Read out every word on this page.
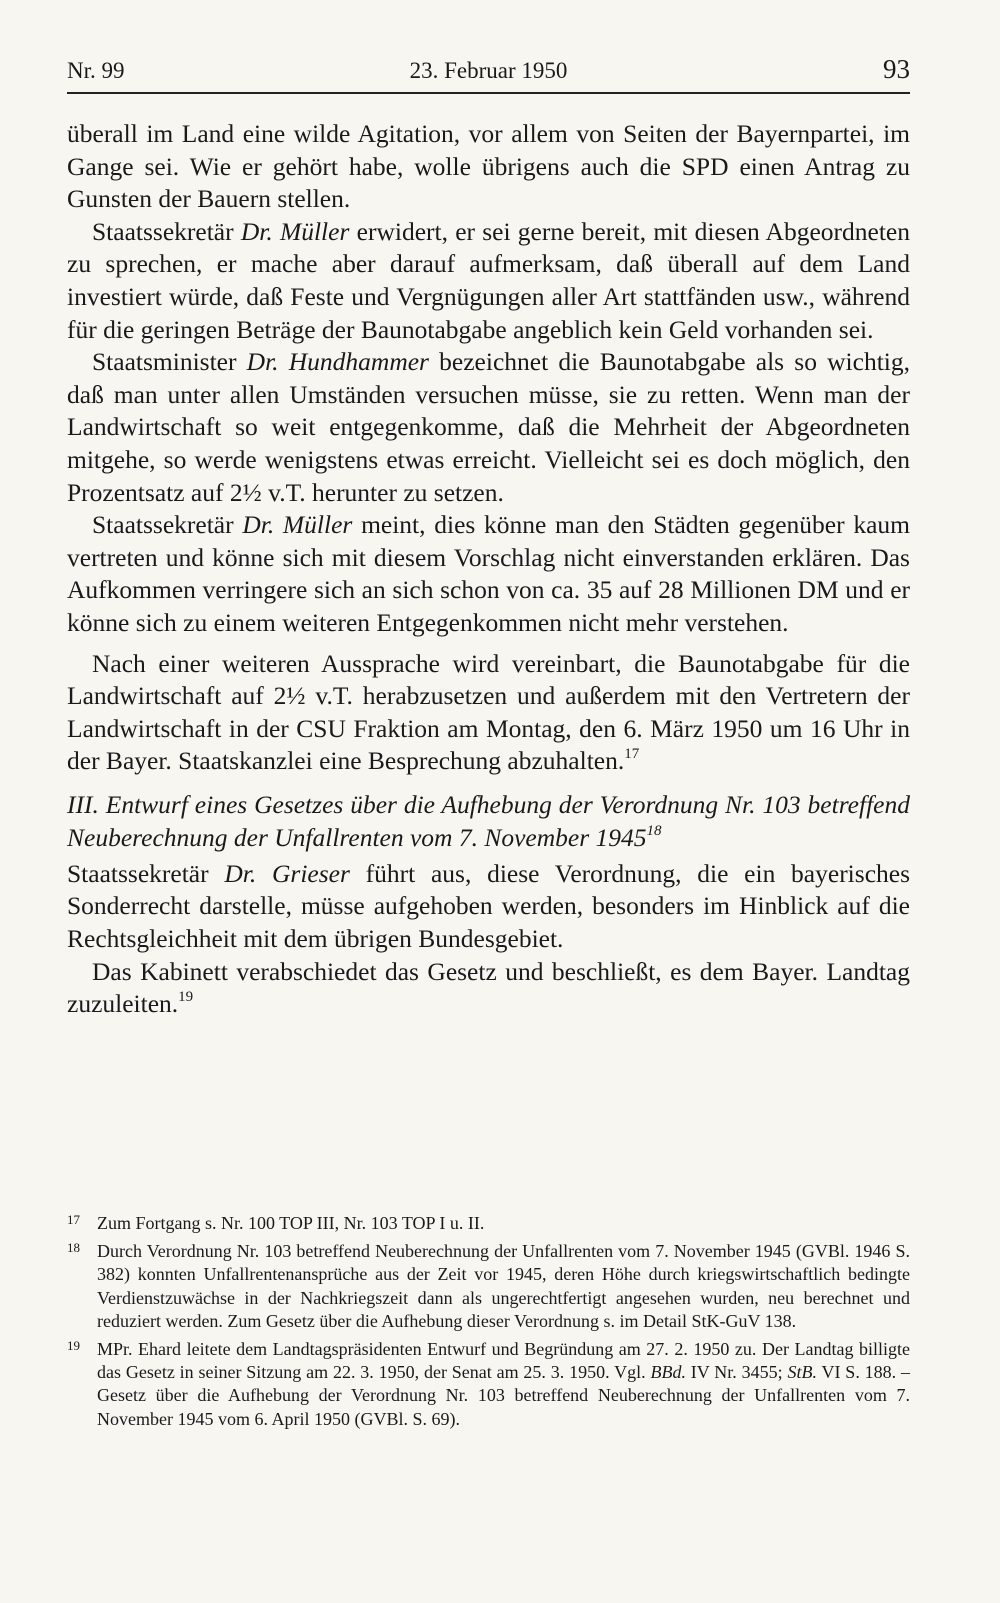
Nr. 99	23. Februar 1950	93

überall im Land eine wilde Agitation, vor allem von Seiten der Bayernpartei, im Gange sei. Wie er gehört habe, wolle übrigens auch die SPD einen Antrag zu Gunsten der Bauern stellen.

Staatssekretär Dr. Müller erwidert, er sei gerne bereit, mit diesen Abgeordneten zu sprechen, er mache aber darauf aufmerksam, daß überall auf dem Land investiert würde, daß Feste und Vergnügungen aller Art stattfänden usw., während für die geringen Beträge der Baunotabgabe angeblich kein Geld vorhanden sei.

Staatsminister Dr. Hundhammer bezeichnet die Baunotabgabe als so wichtig, daß man unter allen Umständen versuchen müsse, sie zu retten. Wenn man der Landwirtschaft so weit entgegenkomme, daß die Mehrheit der Abgeordneten mitgehe, so werde wenigstens etwas erreicht. Vielleicht sei es doch möglich, den Prozentsatz auf 2½ v.T. herunter zu setzen.

Staatssekretär Dr. Müller meint, dies könne man den Städten gegenüber kaum vertreten und könne sich mit diesem Vorschlag nicht einverstanden erklären. Das Aufkommen verringere sich an sich schon von ca. 35 auf 28 Millionen DM und er könne sich zu einem weiteren Entgegenkommen nicht mehr verstehen.

Nach einer weiteren Aussprache wird vereinbart, die Baunotabgabe für die Landwirtschaft auf 2½ v.T. herabzusetzen und außerdem mit den Vertretern der Landwirtschaft in der CSU Fraktion am Montag, den 6. März 1950 um 16 Uhr in der Bayer. Staatskanzlei eine Besprechung abzuhalten.$^{17}$

III. Entwurf eines Gesetzes über die Aufhebung der Verordnung Nr. 103 betreffend Neuberechnung der Unfallrenten vom 7. November 1945$^{18}$

Staatssekretär Dr. Grieser führt aus, diese Verordnung, die ein bayerisches Sonderrecht darstelle, müsse aufgehoben werden, besonders im Hinblick auf die Rechtsgleichheit mit dem übrigen Bundesgebiet.

Das Kabinett verabschiedet das Gesetz und beschließt, es dem Bayer. Landtag zuzuleiten.$^{19}$

17 Zum Fortgang s. Nr. 100 TOP III, Nr. 103 TOP I u. II.

18 Durch Verordnung Nr. 103 betreffend Neuberechnung der Unfallrenten vom 7. November 1945 (GVBl. 1946 S. 382) konnten Unfallrentenansprüche aus der Zeit vor 1945, deren Höhe durch kriegswirtschaftlich bedingte Verdienstzuwächse in der Nachkriegszeit dann als ungerechtfertigt angesehen wurden, neu berechnet und reduziert werden. Zum Gesetz über die Aufhebung dieser Verordnung s. im Detail StK-GuV 138.

19 MPr. Ehard leitete dem Landtagspräsidenten Entwurf und Begründung am 27. 2. 1950 zu. Der Landtag billigte das Gesetz in seiner Sitzung am 22. 3. 1950, der Senat am 25. 3. 1950. Vgl. BBd. IV Nr. 3455; StB. VI S. 188. – Gesetz über die Aufhebung der Verordnung Nr. 103 betreffend Neuberechnung der Unfallrenten vom 7. November 1945 vom 6. April 1950 (GVBl. S. 69).
